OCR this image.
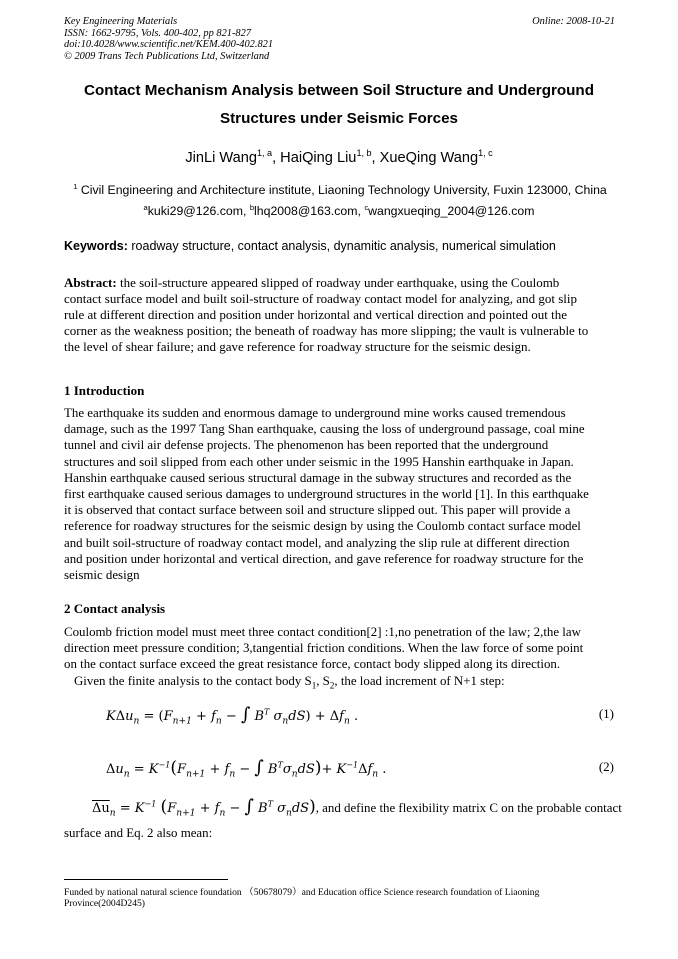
Key Engineering Materials
ISSN: 1662-9795, Vols. 400-402, pp 821-827
doi:10.4028/www.scientific.net/KEM.400-402.821
© 2009 Trans Tech Publications Ltd, Switzerland
Online: 2008-10-21
Contact Mechanism Analysis between Soil Structure and Underground
Structures under Seismic Forces
JinLi Wang$^{1, a}$, HaiQing Liu$^{1, b}$, XueQing Wang$^{1, c}$
$^1$ Civil Engineering and Architecture institute, Liaoning Technology University, Fuxin 123000, China
$^a$kuki29@126.com, $^b$lhq2008@163.com, $^c$wangxueqing_2004@126.com
Keywords: roadway structure, contact analysis, dynamitic analysis, numerical simulation
Abstract: the soil-structure appeared slipped of roadway under earthquake, using the Coulomb
contact surface model and built soil-structure of roadway contact model for analyzing, and got slip
rule at different direction and position under horizontal and vertical direction and pointed out the
corner as the weakness position; the beneath of roadway has more slipping; the vault is vulnerable to
the level of shear failure; and gave reference for roadway structure for the seismic design.
1 Introduction
The earthquake its sudden and enormous damage to underground mine works caused tremendous
damage, such as the 1997 Tang Shan earthquake, causing the loss of underground passage, coal mine
tunnel and civil air defense projects. The phenomenon has been reported that the underground
structures and soil slipped from each other under seismic in the 1995 Hanshin earthquake in Japan.
Hanshin earthquake caused serious structural damage in the subway structures and recorded as the
first earthquake caused serious damages to underground structures in the world [1]. In this earthquake
it is observed that contact surface between soil and structure slipped out. This paper will provide a
reference for roadway structures for the seismic design by using the Coulomb contact surface model
and built soil-structure of roadway contact model, and analyzing the slip rule at different direction
and position under horizontal and vertical direction, and gave reference for roadway structure for the
seismic design
2 Contact analysis
Coulomb friction model must meet three contact condition[2] :1,no penetration of the law; 2,the law
direction meet pressure condition; 3,tangential friction conditions. When the law force of some point
on the contact surface exceed the great resistance force, contact body slipped along its direction.
Given the finite analysis to the contact body $S_1$, $S_2$, the load increment of N+1 step:
$K\Delta u_n = (F_{n+1} + f_n$ − ∫ $B^T$ $\sigma_ndS) + \Delta f_n$ .	(1)
$\Delta u_n = K^{-1}(F_{n+1} + f_n$ − ∫ $B^T\sigma_ndS)+ K^{-1}\Delta f_n$ .	(2)
$\overline{\Delta u}_n = K^{-1}$ ($F_{n+1} + f_n$ − ∫ $B^T$ $\sigma_ndS$), and define the flexibility matrix C on the probable contact
surface and Eq. 2 also mean:
Funded by national natural science foundation （50678079）and Education office Science research foundation of Liaoning
Province(2004D245)
